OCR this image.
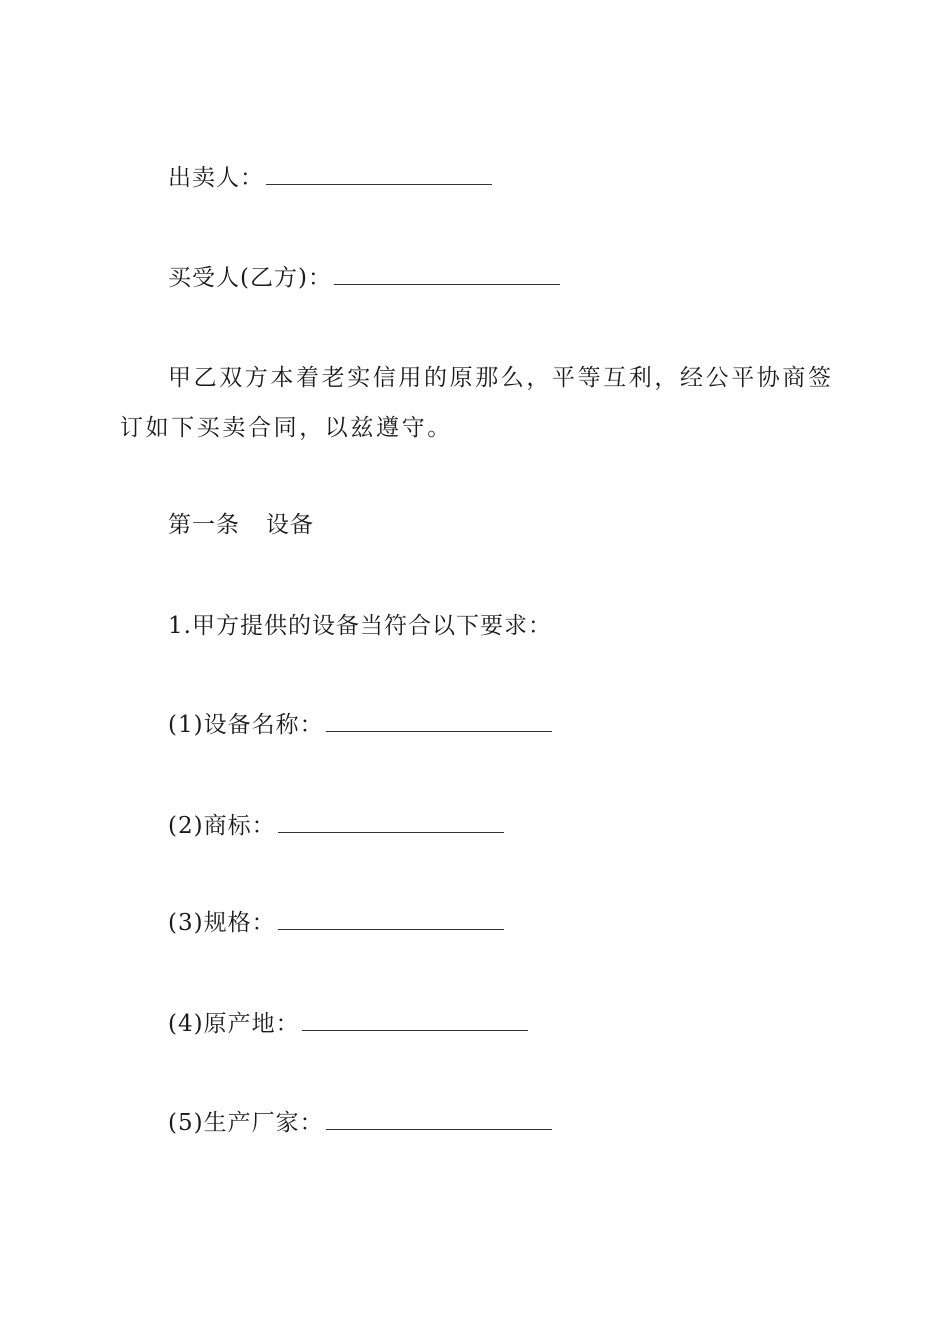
出卖人：
买受人(乙方)：
甲乙双方本着老实信用的原那么，平等互利，经公平协商签订如下买卖合同，以兹遵守。
第一条 设备
1.甲方提供的设备当符合以下要求：
(1)设备名称：
(2)商标：
(3)规格：
(4)原产地：
(5)生产厂家：
